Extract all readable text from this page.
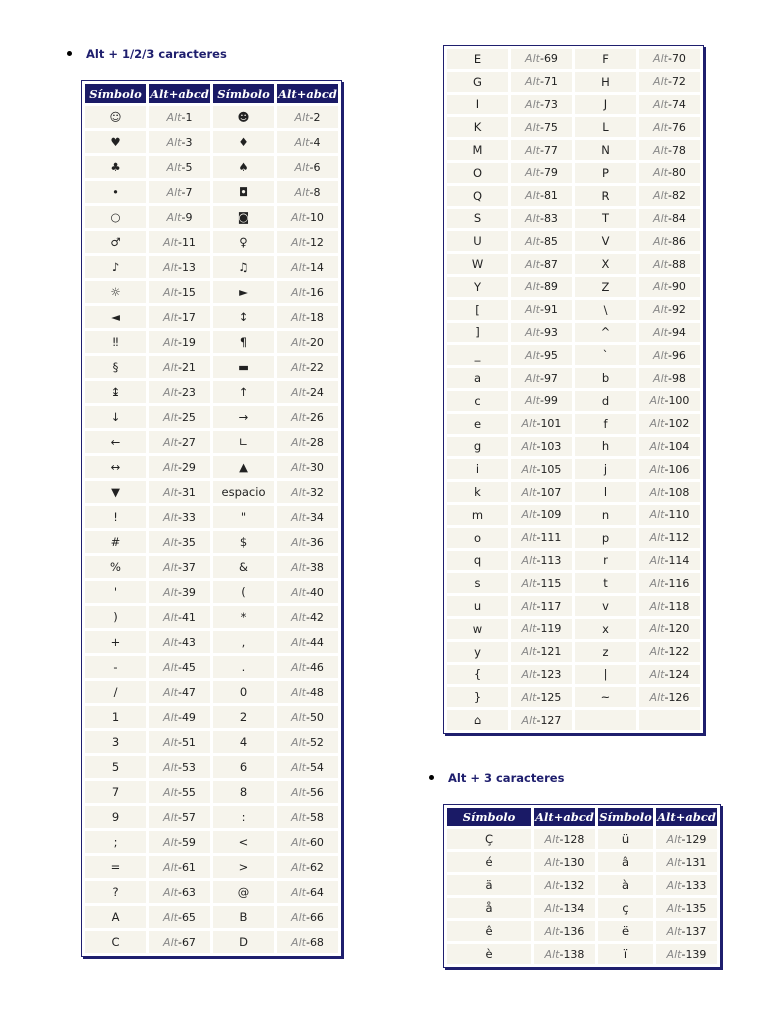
Alt + 1/2/3 caracteres
Símbolo	Alt+abcd	Símbolo	Alt+abcd
☺	Alt-1	☻	Alt-2
♥	Alt-3	♦	Alt-4
♣	Alt-5	♠	Alt-6
•	Alt-7	◘	Alt-8
○	Alt-9	◙	Alt-10
♂	Alt-11	♀	Alt-12
♪	Alt-13	♫	Alt-14
☼	Alt-15	►	Alt-16
◄	Alt-17	↕	Alt-18
‼	Alt-19	¶	Alt-20
§	Alt-21	▬	Alt-22
↨	Alt-23	↑	Alt-24
↓	Alt-25	→	Alt-26
←	Alt-27	∟	Alt-28
↔	Alt-29	▲	Alt-30
▼	Alt-31	espacio	Alt-32
!	Alt-33	"	Alt-34
#	Alt-35	$	Alt-36
%	Alt-37	&	Alt-38
'	Alt-39	(	Alt-40
)	Alt-41	*	Alt-42
+	Alt-43	,	Alt-44
-	Alt-45	.	Alt-46
/	Alt-47	0	Alt-48
1	Alt-49	2	Alt-50
3	Alt-51	4	Alt-52
5	Alt-53	6	Alt-54
7	Alt-55	8	Alt-56
9	Alt-57	:	Alt-58
;	Alt-59	<	Alt-60
=	Alt-61	>	Alt-62
?	Alt-63	@	Alt-64
A	Alt-65	B	Alt-66
C	Alt-67	D	Alt-68
E	Alt-69	F	Alt-70
G	Alt-71	H	Alt-72
I	Alt-73	J	Alt-74
K	Alt-75	L	Alt-76
M	Alt-77	N	Alt-78
O	Alt-79	P	Alt-80
Q	Alt-81	R	Alt-82
S	Alt-83	T	Alt-84
U	Alt-85	V	Alt-86
W	Alt-87	X	Alt-88
Y	Alt-89	Z	Alt-90
[	Alt-91	\	Alt-92
]	Alt-93	^	Alt-94
_	Alt-95	`	Alt-96
a	Alt-97	b	Alt-98
c	Alt-99	d	Alt-100
e	Alt-101	f	Alt-102
g	Alt-103	h	Alt-104
i	Alt-105	j	Alt-106
k	Alt-107	l	Alt-108
m	Alt-109	n	Alt-110
o	Alt-111	p	Alt-112
q	Alt-113	r	Alt-114
s	Alt-115	t	Alt-116
u	Alt-117	v	Alt-118
w	Alt-119	x	Alt-120
y	Alt-121	z	Alt-122
{	Alt-123	|	Alt-124
}	Alt-125	~	Alt-126
⌂	Alt-127		
Alt + 3 caracteres
Símbolo	Alt+abcd	Símbolo	Alt+abcd
Ç	Alt-128	ü	Alt-129
é	Alt-130	â	Alt-131
ä	Alt-132	à	Alt-133
å	Alt-134	ç	Alt-135
ê	Alt-136	ë	Alt-137
è	Alt-138	ï	Alt-139
